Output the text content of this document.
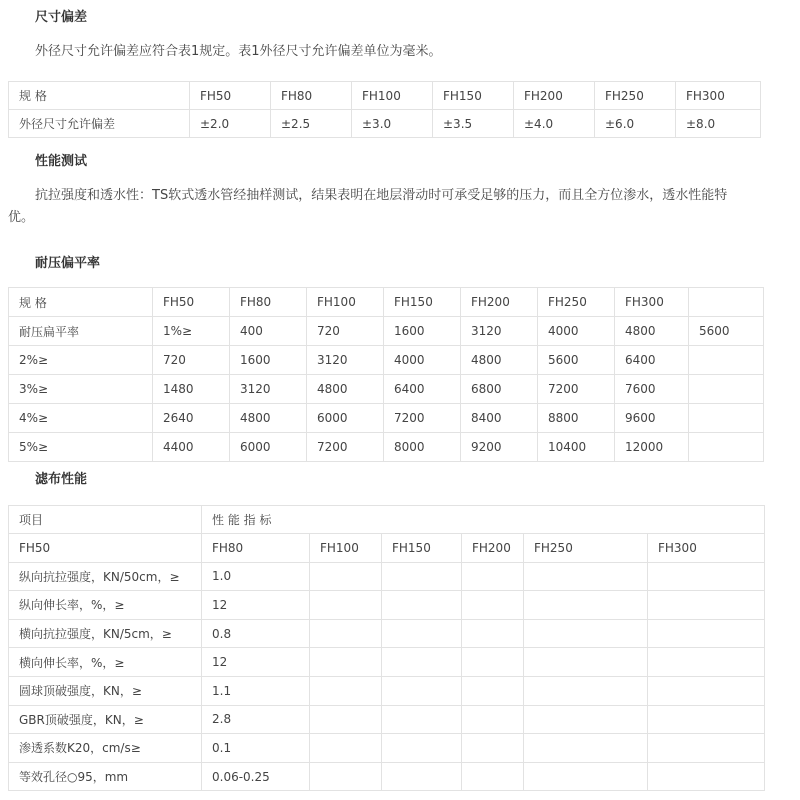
尺寸偏差

外径尺寸允许偏差应符合表1规定。表1外径尺寸允许偏差单位为毫米。

规 格	FH50	FH80	FH100	FH150	FH200	FH250	FH300
外径尺寸允许偏差	±2.0	±2.5	±3.0	±3.5	±4.0	±6.0	±8.0
性能测试

抗拉强度和透水性：TS软式透水管经抽样测试，结果表明在地层滑动时可承受足够的压力，而且全方位渗水，透水性能特

优。

耐压偏平率
规 格	FH50	FH80	FH100	FH150	FH200	FH250	FH300	
耐压扁平率	1%≥	400	720	1600	3120	4000	4800	5600
2%≥	720	1600	3120	4000	4800	5600	6400	
3%≥	1480	3120	4800	6400	6800	7200	7600	
4%≥	2640	4800	6000	7200	8400	8800	9600	
5%≥	4400	6000	7200	8000	9200	10400	12000	
滤布性能
项目	性 能 指 标					
FH50	FH80	FH100	FH150	FH200	FH250	FH300
纵向抗拉强度，KN/50cm，≥	1.0					
纵向伸长率，%，≥	12					
横向抗拉强度，KN/5cm，≥	0.8					
横向伸长率，%，≥	12					
圆球顶破强度，KN，≥	1.1					
GBR顶破强度，KN，≥	2.8					
渗透系数K20，cm/s≥	0.1					
等效孔径○95，mm	0.06-0.25					
